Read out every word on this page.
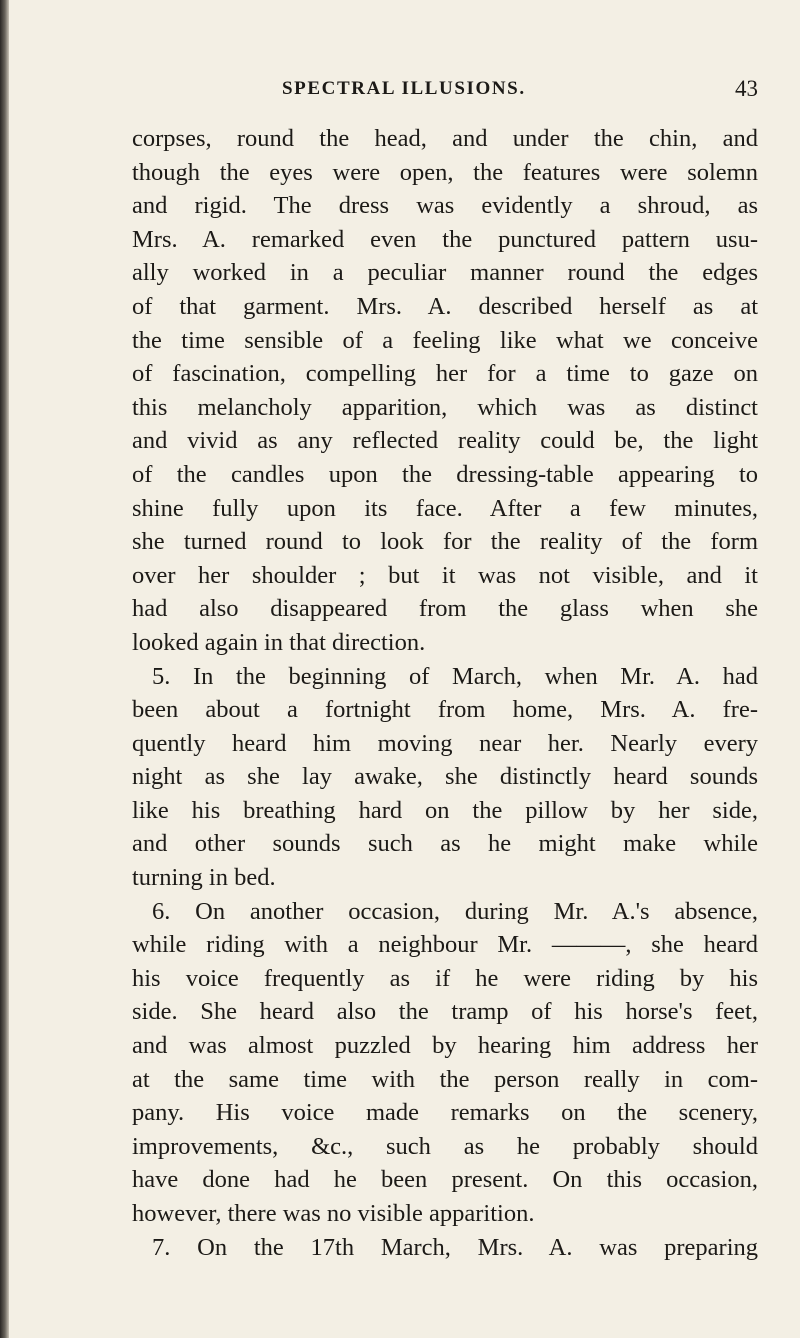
SPECTRAL ILLUSIONS.	43
corpses, round the head, and under the chin, and
though the eyes were open, the features were solemn
and rigid. The dress was evidently a shroud, as
Mrs. A. remarked even the punctured pattern usu-
ally worked in a peculiar manner round the edges
of that garment. Mrs. A. described herself as at
the time sensible of a feeling like what we conceive
of fascination, compelling her for a time to gaze on
this melancholy apparition, which was as distinct
and vivid as any reflected reality could be, the light
of the candles upon the dressing-table appearing to
shine fully upon its face. After a few minutes,
she turned round to look for the reality of the form
over her shoulder ; but it was not visible, and it
had also disappeared from the glass when she
looked again in that direction.
5. In the beginning of March, when Mr. A. had
been about a fortnight from home, Mrs. A. fre-
quently heard him moving near her. Nearly every
night as she lay awake, she distinctly heard sounds
like his breathing hard on the pillow by her side,
and other sounds such as he might make while
turning in bed.
6. On another occasion, during Mr. A.'s absence,
while riding with a neighbour Mr. ———, she heard
his voice frequently as if he were riding by his
side. She heard also the tramp of his horse's feet,
and was almost puzzled by hearing him address her
at the same time with the person really in com-
pany. His voice made remarks on the scenery,
improvements, &c., such as he probably should
have done had he been present. On this occasion,
however, there was no visible apparition.
7. On the 17th March, Mrs. A. was preparing
